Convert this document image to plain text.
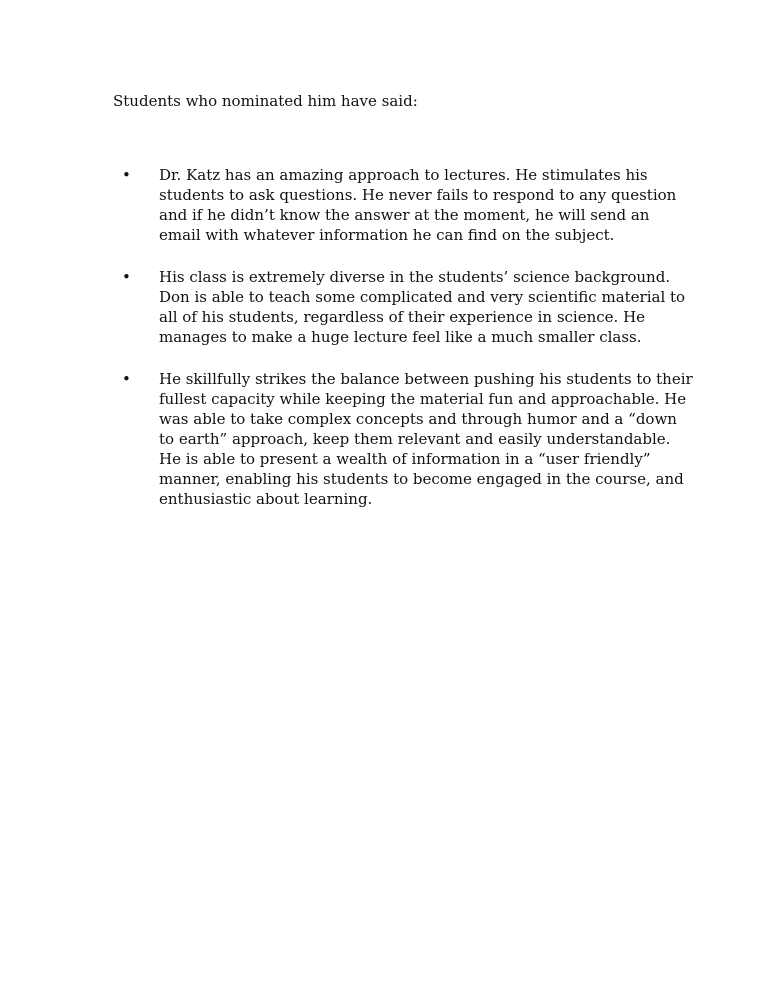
Students who nominated him have said:

• Dr. Katz has an amazing approach to lectures. He stimulates his students to ask questions. He never fails to respond to any question and if he didn’t know the answer at the moment, he will send an email with whatever information he can find on the subject.
• His class is extremely diverse in the students’ science background. Don is able to teach some complicated and very scientific material to all of his students, regardless of their experience in science. He manages to make a huge lecture feel like a much smaller class.
• He skillfully strikes the balance between pushing his students to their fullest capacity while keeping the material fun and approachable. He was able to take complex concepts and through humor and a “down to earth” approach, keep them relevant and easily understandable. He is able to present a wealth of information in a “user friendly” manner, enabling his students to become engaged in the course, and enthusiastic about learning.
